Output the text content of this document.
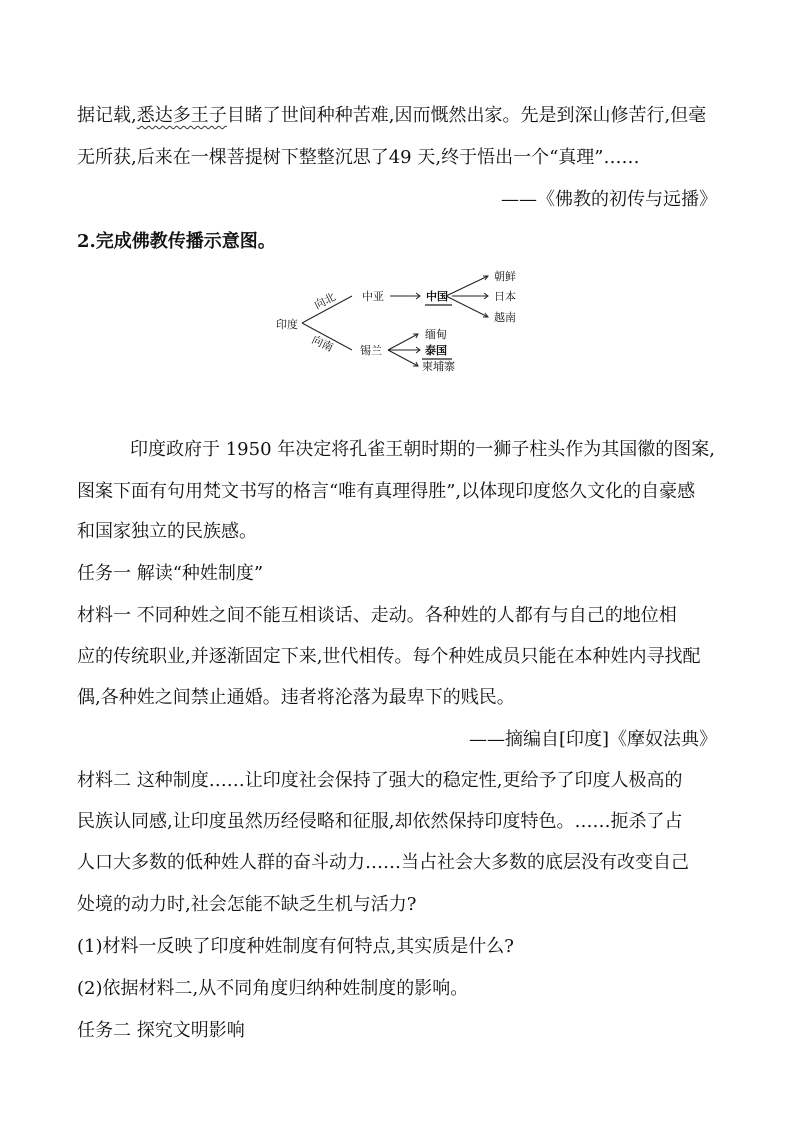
据记载,悉达多王子目睹了世间种种苦难,因而慨然出家。先是到深山修苦行,但毫
无所获,后来在一棵菩提树下整整沉思了49 天,终于悟出一个“真理”……
——《佛教的初传与远播》
2.完成佛教传播示意图。
印度
向北
向南
中亚	中国
朝鲜
日本
越南
锡兰
缅甸
泰国
柬埔寨
印度政府于 1950 年决定将孔雀王朝时期的一狮子柱头作为其国徽的图案,
图案下面有句用梵文书写的格言“唯有真理得胜”,以体现印度悠久文化的自豪感
和国家独立的民族感。
任务一 解读“种姓制度”
材料一 不同种姓之间不能互相谈话、走动。各种姓的人都有与自己的地位相
应的传统职业,并逐渐固定下来,世代相传。每个种姓成员只能在本种姓内寻找配
偶,各种姓之间禁止通婚。违者将沦落为最卑下的贱民。
——摘编自[印度]《摩奴法典》
材料二 这种制度……让印度社会保持了强大的稳定性,更给予了印度人极高的
民族认同感,让印度虽然历经侵略和征服,却依然保持印度特色。……扼杀了占
人口大多数的低种姓人群的奋斗动力……当占社会大多数的底层没有改变自己
处境的动力时,社会怎能不缺乏生机与活力?
(1)材料一反映了印度种姓制度有何特点,其实质是什么?
(2)依据材料二,从不同角度归纳种姓制度的影响。
任务二 探究文明影响
